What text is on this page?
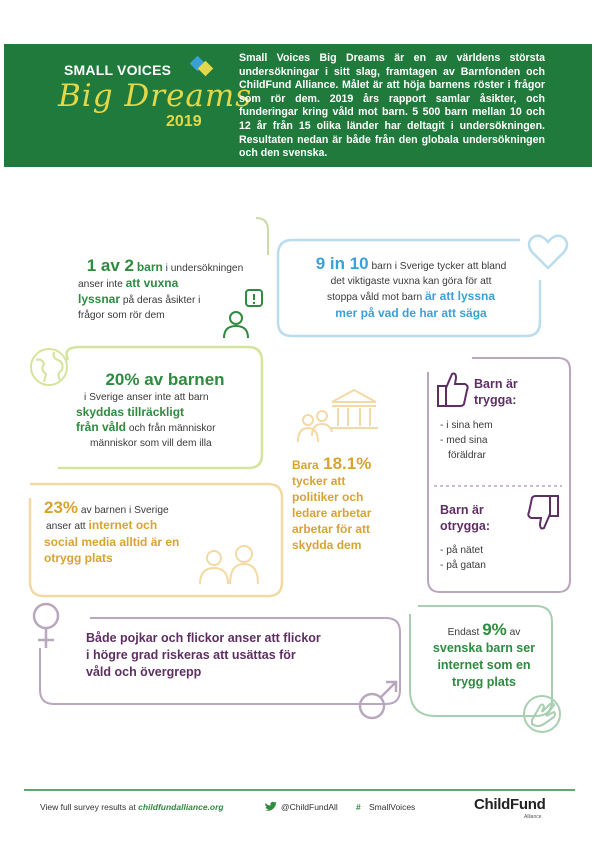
SMALL VOICES
Big Dreams
2019
Small Voices Big Dreams är en av världens största undersökningar i sitt slag, framtagen av Barnfonden och ChildFund Alliance. Målet är att höja barnens röster i frågor som rör dem. 2019 års rapport samlar åsikter, och funderingar kring våld mot barn. 5 500 barn mellan 10 och 12 år från 15 olika länder har deltagit i undersökningen. Resultaten nedan är både från den globala undersökningen och den svenska.
1 av 2 barn i undersökningen
anser inte att vuxna
lyssnar på deras åsikter i
frågor som rör dem
9 in 10 barn i Sverige tycker att bland
det viktigaste vuxna kan göra för att
stoppa våld mot barn är att lyssna
mer på vad de har att säga
20% av barnen
i Sverige anser inte att barn
skyddas tillräckligt
från våld och från människor
människor som vill dem illa
Bara 18.1%
tycker att
politiker och
ledare arbetar
arbetar för att
skydda dem
Barn är
trygga:
- i sina hem
- med sina
föräldrar
Barn är
otrygga:
- på nätet
- på gatan
23% av barnen i Sverige
anser att internet och
social media alltid är en
otrygg plats
Både pojkar och flickor anser att flickor
i högre grad riskeras att usättas för
våld och övergrepp
Endast 9% av
svenska barn ser
internet som en
trygg plats
View full survey results at childfundalliance.org	@ChildFundAll # SmallVoices	ChildFund
Alliance
